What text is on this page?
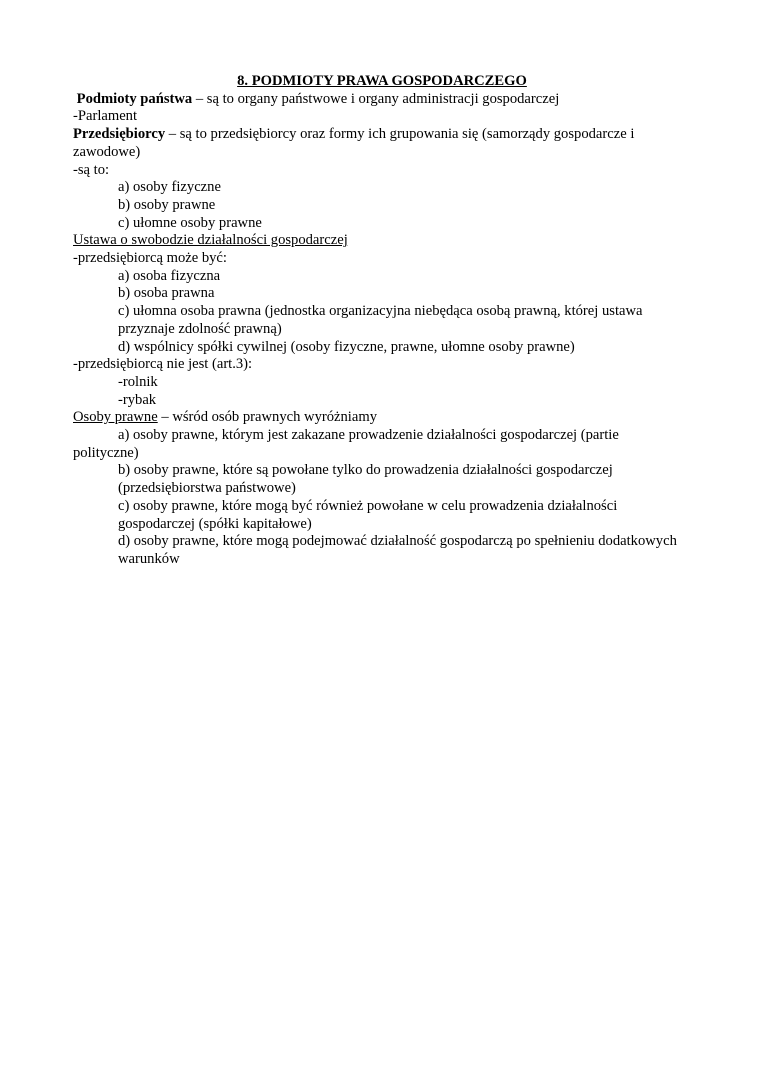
8. PODMIOTY PRAWA GOSPODARCZEGO

Podmioty państwa – są to organy państwowe i organy administracji gospodarczej

-Parlament

Przedsiębiorcy – są to przedsiębiorcy oraz formy ich grupowania się (samorządy gospodarcze i zawodowe)

-są to:

a) osoby fizyczne

b) osoby prawne

c) ułomne osoby prawne

Ustawa o swobodzie działalności gospodarczej

-przedsiębiorcą może być:

a) osoba fizyczna

b) osoba prawna

c) ułomna osoba prawna (jednostka organizacyjna niebędąca osobą prawną, której ustawa przyznaje zdolność prawną)

d) wspólnicy spółki cywilnej (osoby fizyczne, prawne, ułomne osoby prawne)

-przedsiębiorcą nie jest (art.3):

-rolnik

-rybak

Osoby prawne – wśród osób prawnych wyróżniamy

a) osoby prawne, którym jest zakazane prowadzenie działalności gospodarczej (partie

polityczne)

b) osoby prawne, które są powołane tylko do prowadzenia działalności gospodarczej (przedsiębiorstwa państwowe)

c) osoby prawne, które mogą być również powołane w celu prowadzenia działalności gospodarczej (spółki kapitałowe)

d) osoby prawne, które mogą podejmować działalność gospodarczą po spełnieniu dodatkowych warunków
